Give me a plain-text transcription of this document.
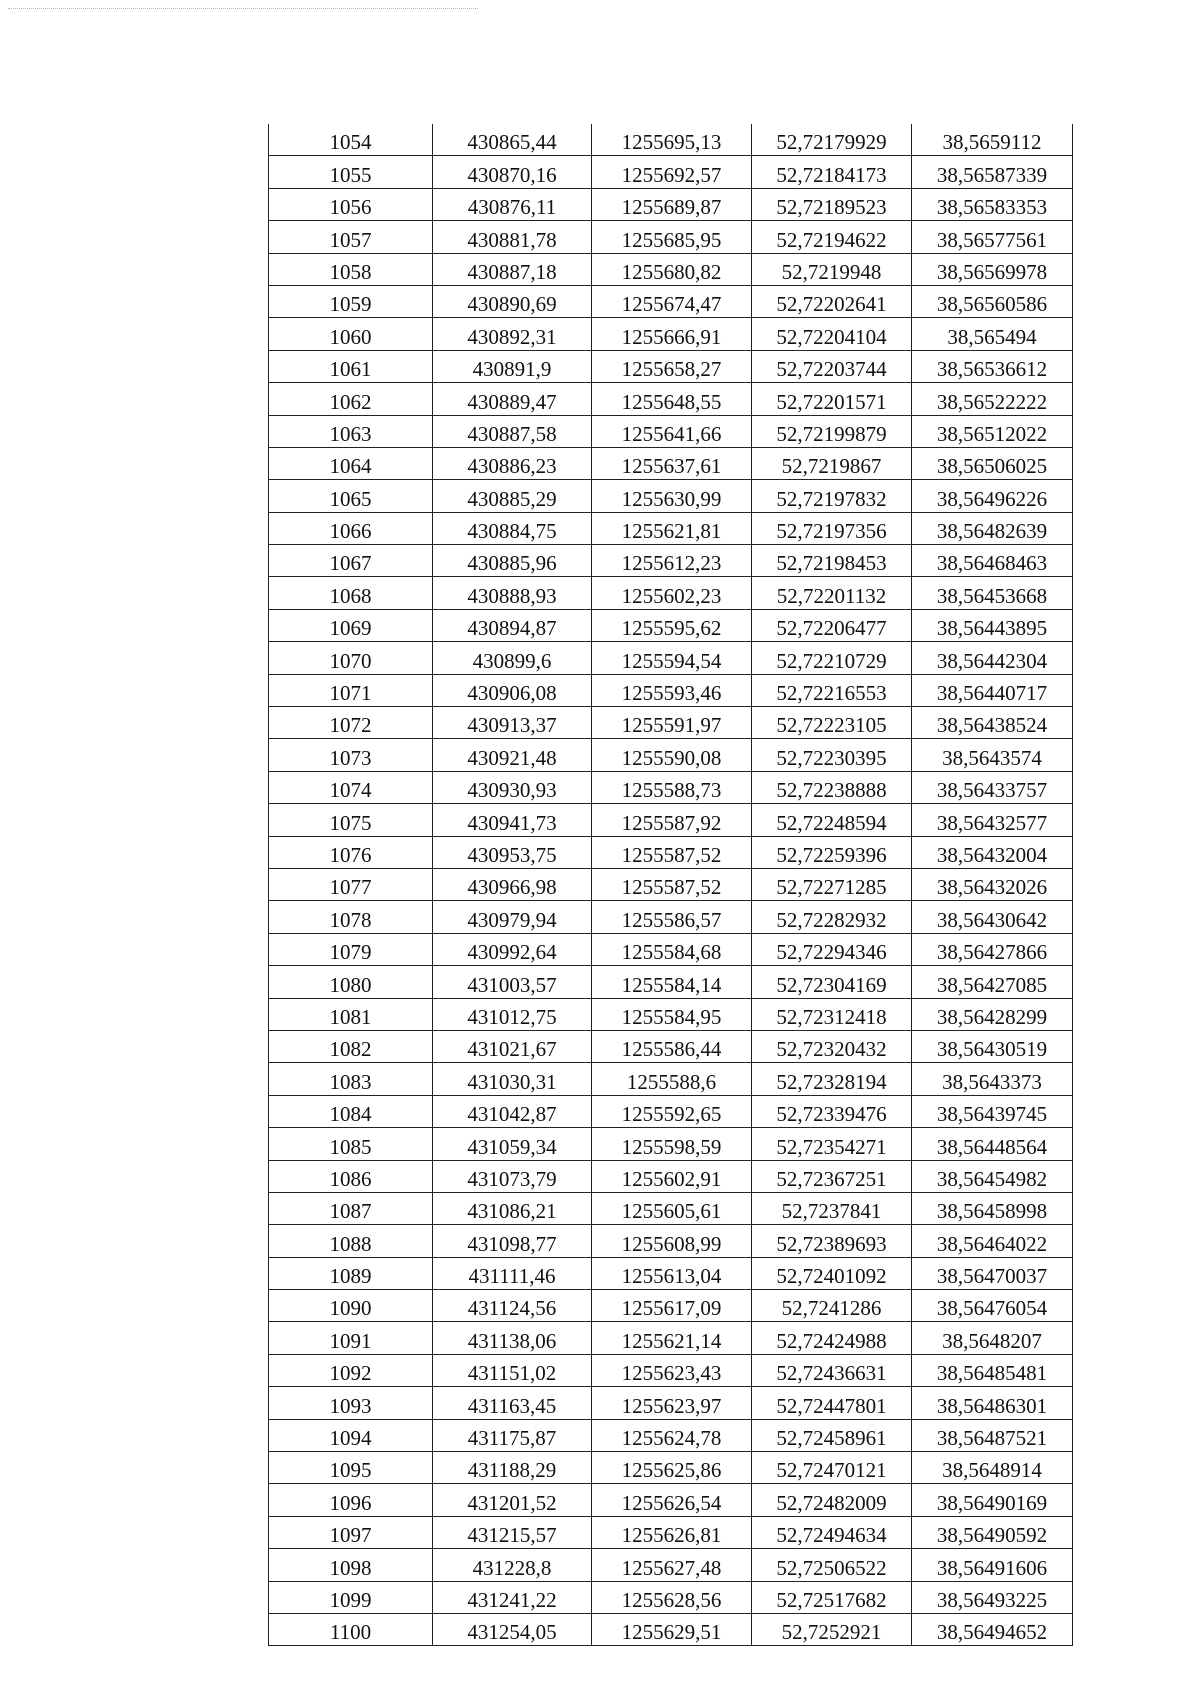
1054	430865,44	1255695,13	52,72179929	38,5659112
1055	430870,16	1255692,57	52,72184173	38,56587339
1056	430876,11	1255689,87	52,72189523	38,56583353
1057	430881,78	1255685,95	52,72194622	38,56577561
1058	430887,18	1255680,82	52,7219948	38,56569978
1059	430890,69	1255674,47	52,72202641	38,56560586
1060	430892,31	1255666,91	52,72204104	38,565494
1061	430891,9	1255658,27	52,72203744	38,56536612
1062	430889,47	1255648,55	52,72201571	38,56522222
1063	430887,58	1255641,66	52,72199879	38,56512022
1064	430886,23	1255637,61	52,7219867	38,56506025
1065	430885,29	1255630,99	52,72197832	38,56496226
1066	430884,75	1255621,81	52,72197356	38,56482639
1067	430885,96	1255612,23	52,72198453	38,56468463
1068	430888,93	1255602,23	52,72201132	38,56453668
1069	430894,87	1255595,62	52,72206477	38,56443895
1070	430899,6	1255594,54	52,72210729	38,56442304
1071	430906,08	1255593,46	52,72216553	38,56440717
1072	430913,37	1255591,97	52,72223105	38,56438524
1073	430921,48	1255590,08	52,72230395	38,5643574
1074	430930,93	1255588,73	52,72238888	38,56433757
1075	430941,73	1255587,92	52,72248594	38,56432577
1076	430953,75	1255587,52	52,72259396	38,56432004
1077	430966,98	1255587,52	52,72271285	38,56432026
1078	430979,94	1255586,57	52,72282932	38,56430642
1079	430992,64	1255584,68	52,72294346	38,56427866
1080	431003,57	1255584,14	52,72304169	38,56427085
1081	431012,75	1255584,95	52,72312418	38,56428299
1082	431021,67	1255586,44	52,72320432	38,56430519
1083	431030,31	1255588,6	52,72328194	38,5643373
1084	431042,87	1255592,65	52,72339476	38,56439745
1085	431059,34	1255598,59	52,72354271	38,56448564
1086	431073,79	1255602,91	52,72367251	38,56454982
1087	431086,21	1255605,61	52,7237841	38,56458998
1088	431098,77	1255608,99	52,72389693	38,56464022
1089	431111,46	1255613,04	52,72401092	38,56470037
1090	431124,56	1255617,09	52,7241286	38,56476054
1091	431138,06	1255621,14	52,72424988	38,5648207
1092	431151,02	1255623,43	52,72436631	38,56485481
1093	431163,45	1255623,97	52,72447801	38,56486301
1094	431175,87	1255624,78	52,72458961	38,56487521
1095	431188,29	1255625,86	52,72470121	38,5648914
1096	431201,52	1255626,54	52,72482009	38,56490169
1097	431215,57	1255626,81	52,72494634	38,56490592
1098	431228,8	1255627,48	52,72506522	38,56491606
1099	431241,22	1255628,56	52,72517682	38,56493225
1100	431254,05	1255629,51	52,7252921	38,56494652
